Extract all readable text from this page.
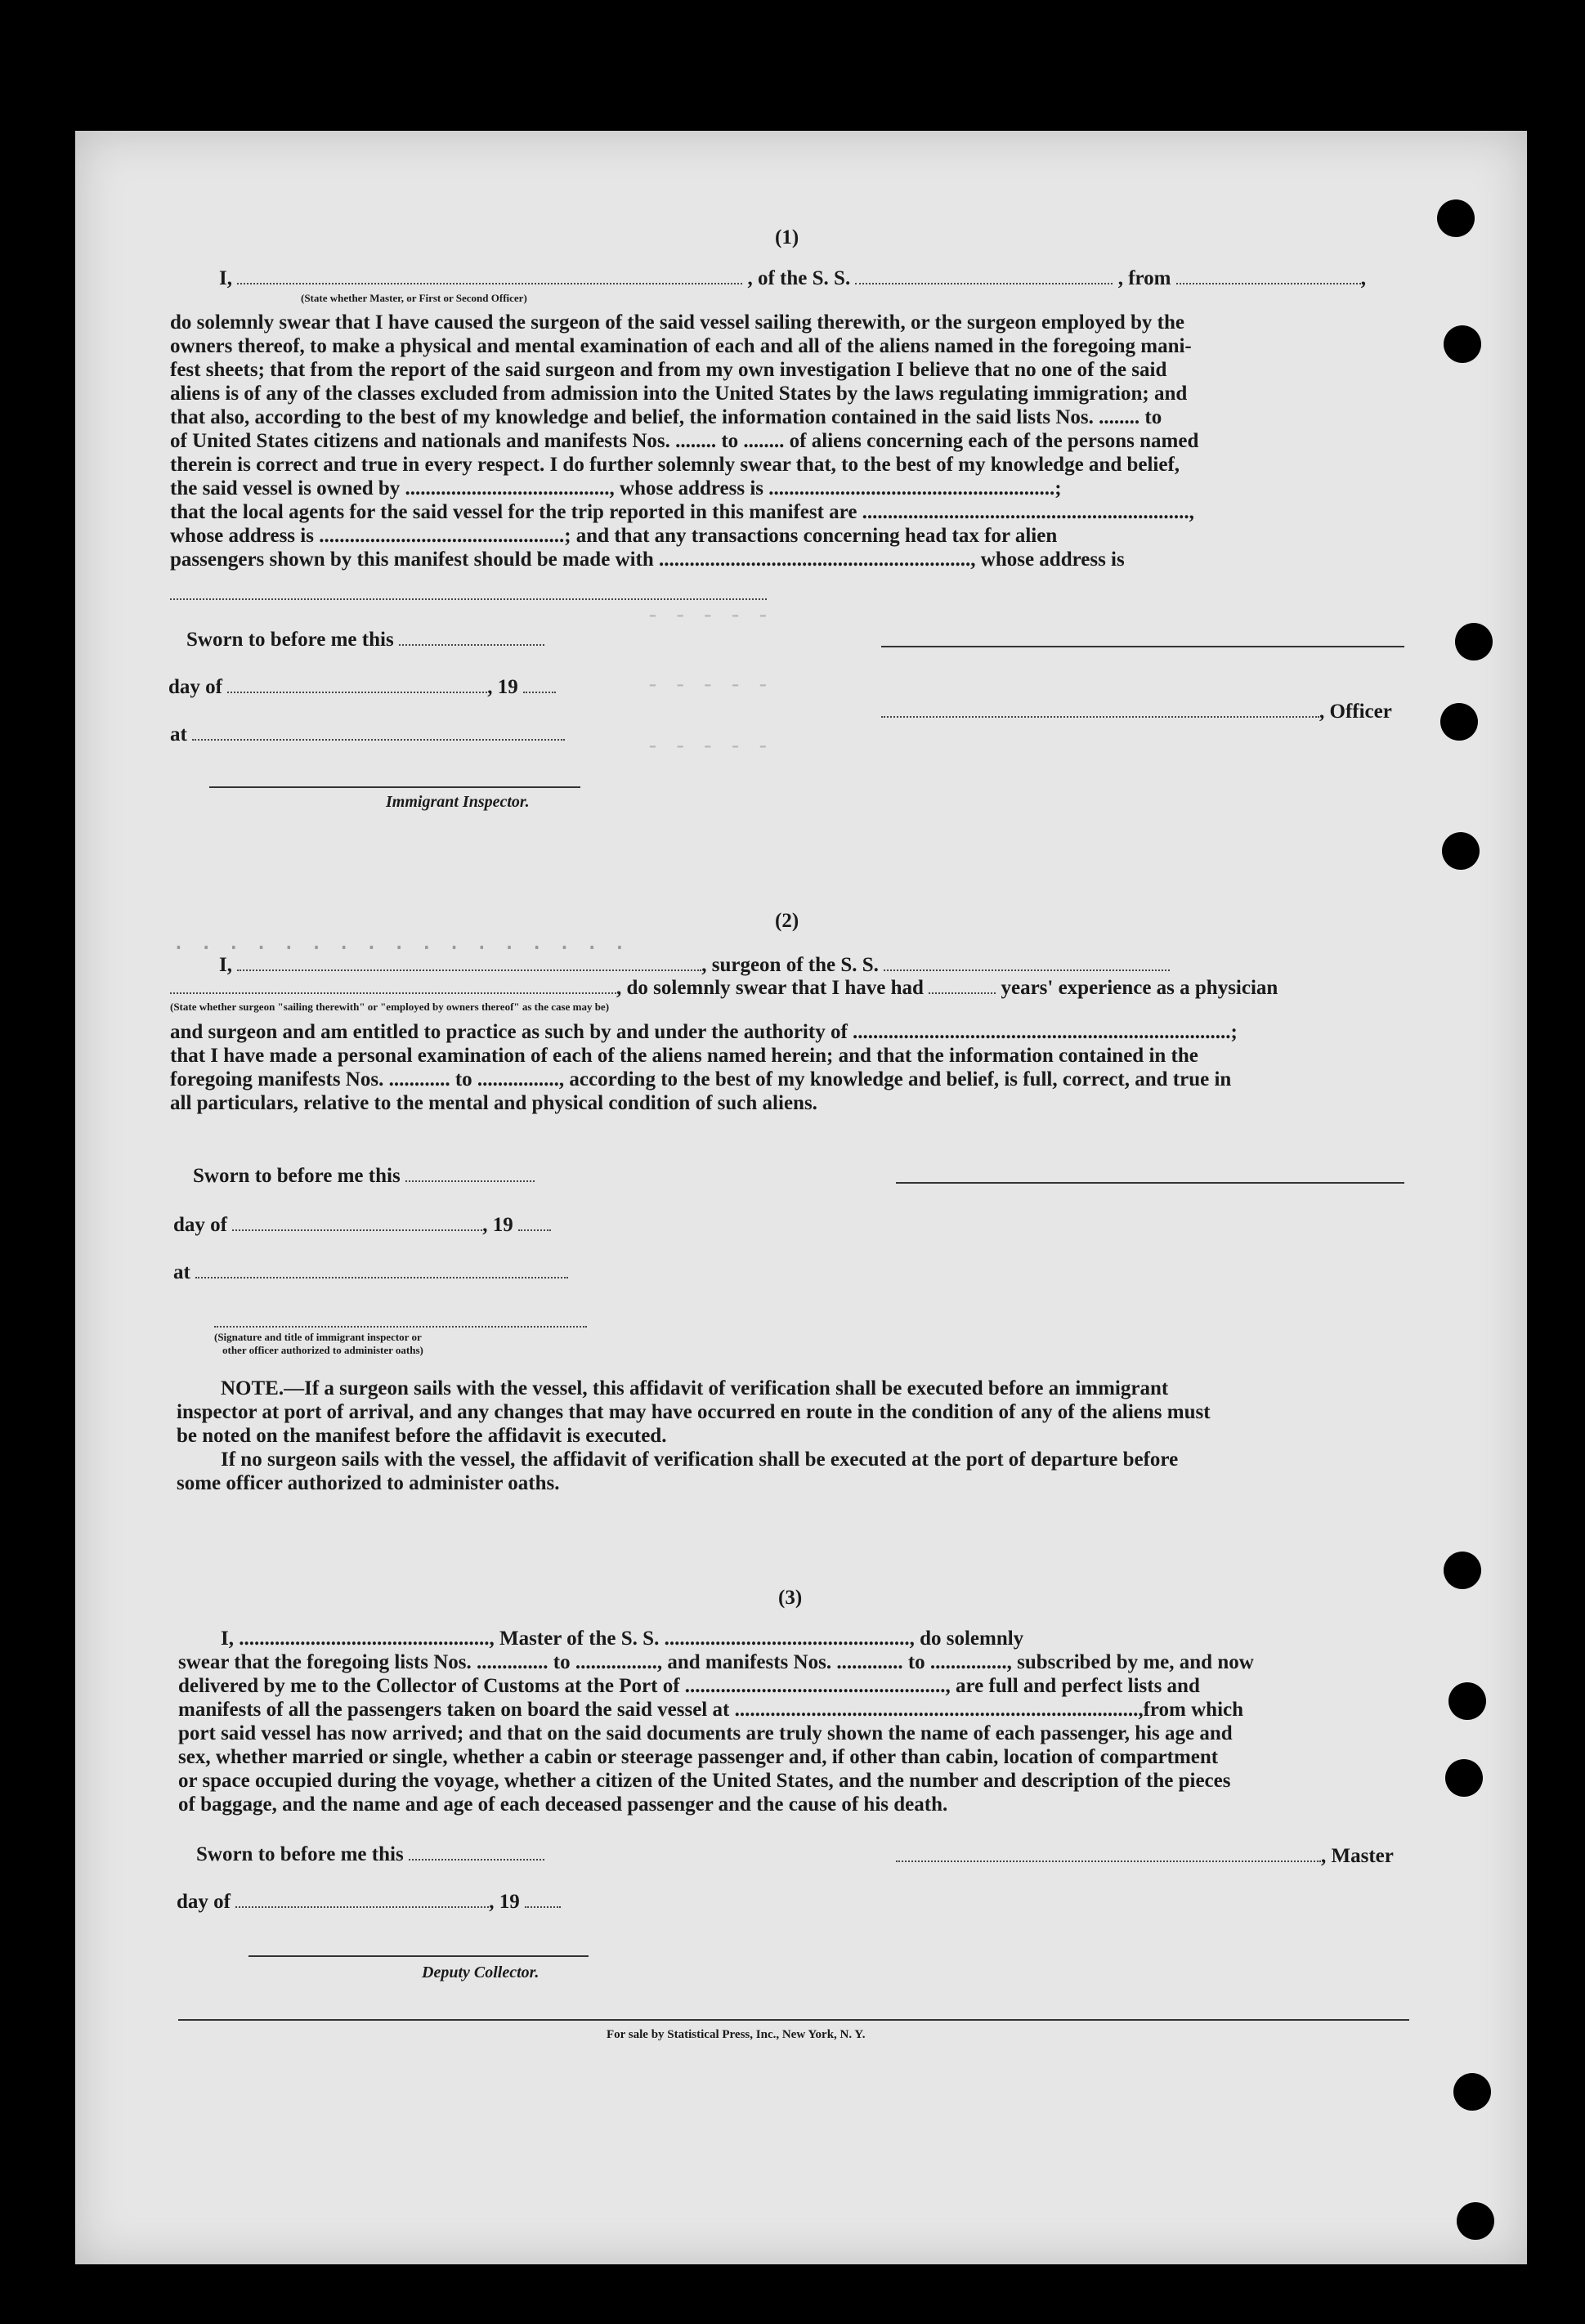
- - - - -
- - - - -
- - - - -
. . . . . . . . . . . . . . . . .
(1)
I,	, of the S. S.	, from	,
(State whether Master, or First or Second Officer)

do solemnly swear that I have caused the surgeon of the said vessel sailing therewith, or the surgeon employed by the

owners thereof, to make a physical and mental examination of each and all of the aliens named in the foregoing mani-

fest sheets; that from the report of the said surgeon and from my own investigation I believe that no one of the said

aliens is of any of the classes excluded from admission into the United States by the laws regulating immigration; and

that also, according to the best of my knowledge and belief, the information contained in the said lists Nos. ........ to

of United States citizens and nationals and manifests Nos. ........ to ........ of aliens concerning each of the persons named

therein is correct and true in every respect. I do further solemnly swear that, to the best of my knowledge and belief,

the said vessel is owned by ........................................, whose address is ........................................................;

that the local agents for the said vessel for the trip reported in this manifest are ................................................................,

whose address is ................................................; and that any transactions concerning head tax for alien

passengers shown by this manifest should be made with ............................................................., whose address is

Sworn to before me this
day of	, 19
at
Immigrant Inspector.
, Officer
(2)
I,	, surgeon of the S. S.
, do solemnly swear that I have had	years' experience as a physician
(State whether surgeon "sailing therewith" or "employed by owners thereof" as the case may be)

and surgeon and am entitled to practice as such by and under the authority of ..........................................................................;

that I have made a personal examination of each of the aliens named herein; and that the information contained in the

foregoing manifests Nos. ............ to ................, according to the best of my knowledge and belief, is full, correct, and true in

all particulars, relative to the mental and physical condition of such aliens.

Sworn to before me this
day of	, 19
at
(Signature and title of immigrant inspector or
other officer authorized to administer oaths)

NOTE.—If a surgeon sails with the vessel, this affidavit of verification shall be executed before an immigrant

inspector at port of arrival, and any changes that may have occurred en route in the condition of any of the aliens must

be noted on the manifest before the affidavit is executed.

If no surgeon sails with the vessel, the affidavit of verification shall be executed at the port of departure before

some officer authorized to administer oaths.

(3)

I, ................................................., Master of the S. S. ................................................, do solemnly

swear that the foregoing lists Nos. .............. to ................, and manifests Nos. ............. to ..............., subscribed by me, and now

delivered by me to the Collector of Customs at the Port of ..................................................., are full and perfect lists and

manifests of all the passengers taken on board the said vessel at ...............................................................................,from which

port said vessel has now arrived; and that on the said documents are truly shown the name of each passenger, his age and

sex, whether married or single, whether a cabin or steerage passenger and, if other than cabin, location of compartment

or space occupied during the voyage, whether a citizen of the United States, and the number and description of the pieces

of baggage, and the name and age of each deceased passenger and the cause of his death.

Sworn to before me this	, Master
day of	, 19
Deputy Collector.
For sale by Statistical Press, Inc., New York, N. Y.
